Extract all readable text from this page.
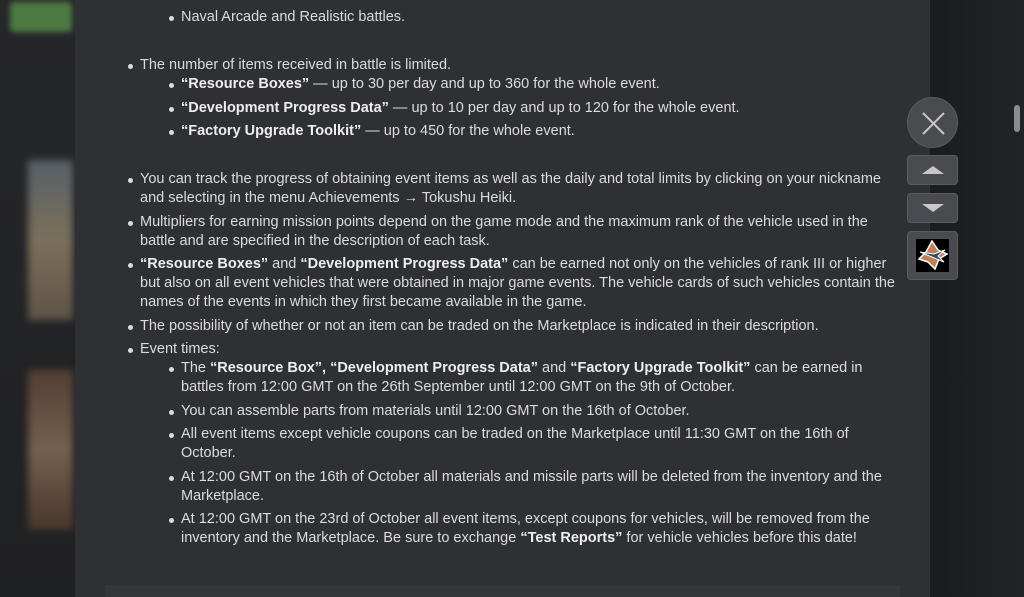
Naval Arcade and Realistic battles.
The number of items received in battle is limited.
“Resource Boxes” — up to 30 per day and up to 360 for the whole event.
“Development Progress Data” — up to 10 per day and up to 120 for the whole event.
“Factory Upgrade Toolkit” — up to 450 for the whole event.
You can track the progress of obtaining event items as well as the daily and total limits by clicking on your nickname and selecting in the menu Achievements → Tokushu Heiki.
Multipliers for earning mission points depend on the game mode and the maximum rank of the vehicle used in the battle and are specified in the description of each task.
“Resource Boxes” and “Development Progress Data” can be earned not only on the vehicles of rank III or higher but also on all event vehicles that were obtained in major game events. The vehicle cards of such vehicles contain the names of the events in which they first became available in the game.
The possibility of whether or not an item can be traded on the Marketplace is indicated in their description.
Event times:
The “Resource Box”, “Development Progress Data” and “Factory Upgrade Toolkit” can be earned in battles from 12:00 GMT on the 26th September until 12:00 GMT on the 9th of October.
You can assemble parts from materials until 12:00 GMT on the 16th of October.
All event items except vehicle coupons can be traded on the Marketplace until 11:30 GMT on the 16th of October.
At 12:00 GMT on the 16th of October all materials and missile parts will be deleted from the inventory and the Marketplace.
At 12:00 GMT on the 23rd of October all event items, except coupons for vehicles, will be removed from the inventory and the Marketplace. Be sure to exchange “Test Reports” for vehicle vehicles before this date!
